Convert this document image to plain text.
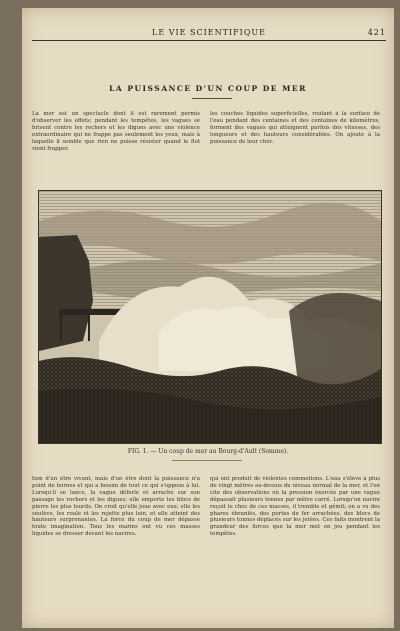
LE VIE SCIENTIFIQUE	421
LA PUISSANCE D'UN COUP DE MER
La mer est un spectacle dont il est rarement permis d'observer les effets; pendant les tempêtes, les vagues se brisent contre les rochers et les digues avec une violence extraordinaire qui ne frappe pas seulement les yeux, mais à laquelle il semble que rien ne puisse résister quand le flot vient frapper.
les couches liquides superficielles, roulant à la surface de l'eau pendant des centaines et des centaines de kilomètres, forment des vagues qui atteignent parfois des vitesses, des longueurs et des hauteurs considérables. On ajoute à la puissance de leur choc.
FIG. 1. — Un coup de mer au Bourg-d'Ault (Somme).
tion d'un être vivant, mais d'un être dont la puissance n'a point de bornes et qui a besoin de tout ce qui s'oppose à lui. Lorsqu'il se lance, la vague déferle et arrache sur son passage les rochers et les digues; elle emporte les blocs de pierre les plus lourds. On croit qu'elle joue avec eux; elle les soulève, les roule et les rejette plus loin, et elle atteint des hauteurs surprenantes. La force du coup de mer dépasse toute imagination. Tous les marins ont vu ces masses liquides se dresser devant les navires.
qui ont produit de violentes commotions. L'eau s'élève à plus de vingt mètres au-dessus du niveau normal de la mer, et l'on cite des observations où la pression exercée par une vague dépassait plusieurs tonnes par mètre carré. Lorsqu'un navire reçoit le choc de ces masses, il tremble et gémit; on a vu des phares ébranlés, des portes de fer arrachées, des blocs de plusieurs tonnes déplacés sur les jetées. Ces faits montrent la grandeur des forces que la mer met en jeu pendant les tempêtes.
